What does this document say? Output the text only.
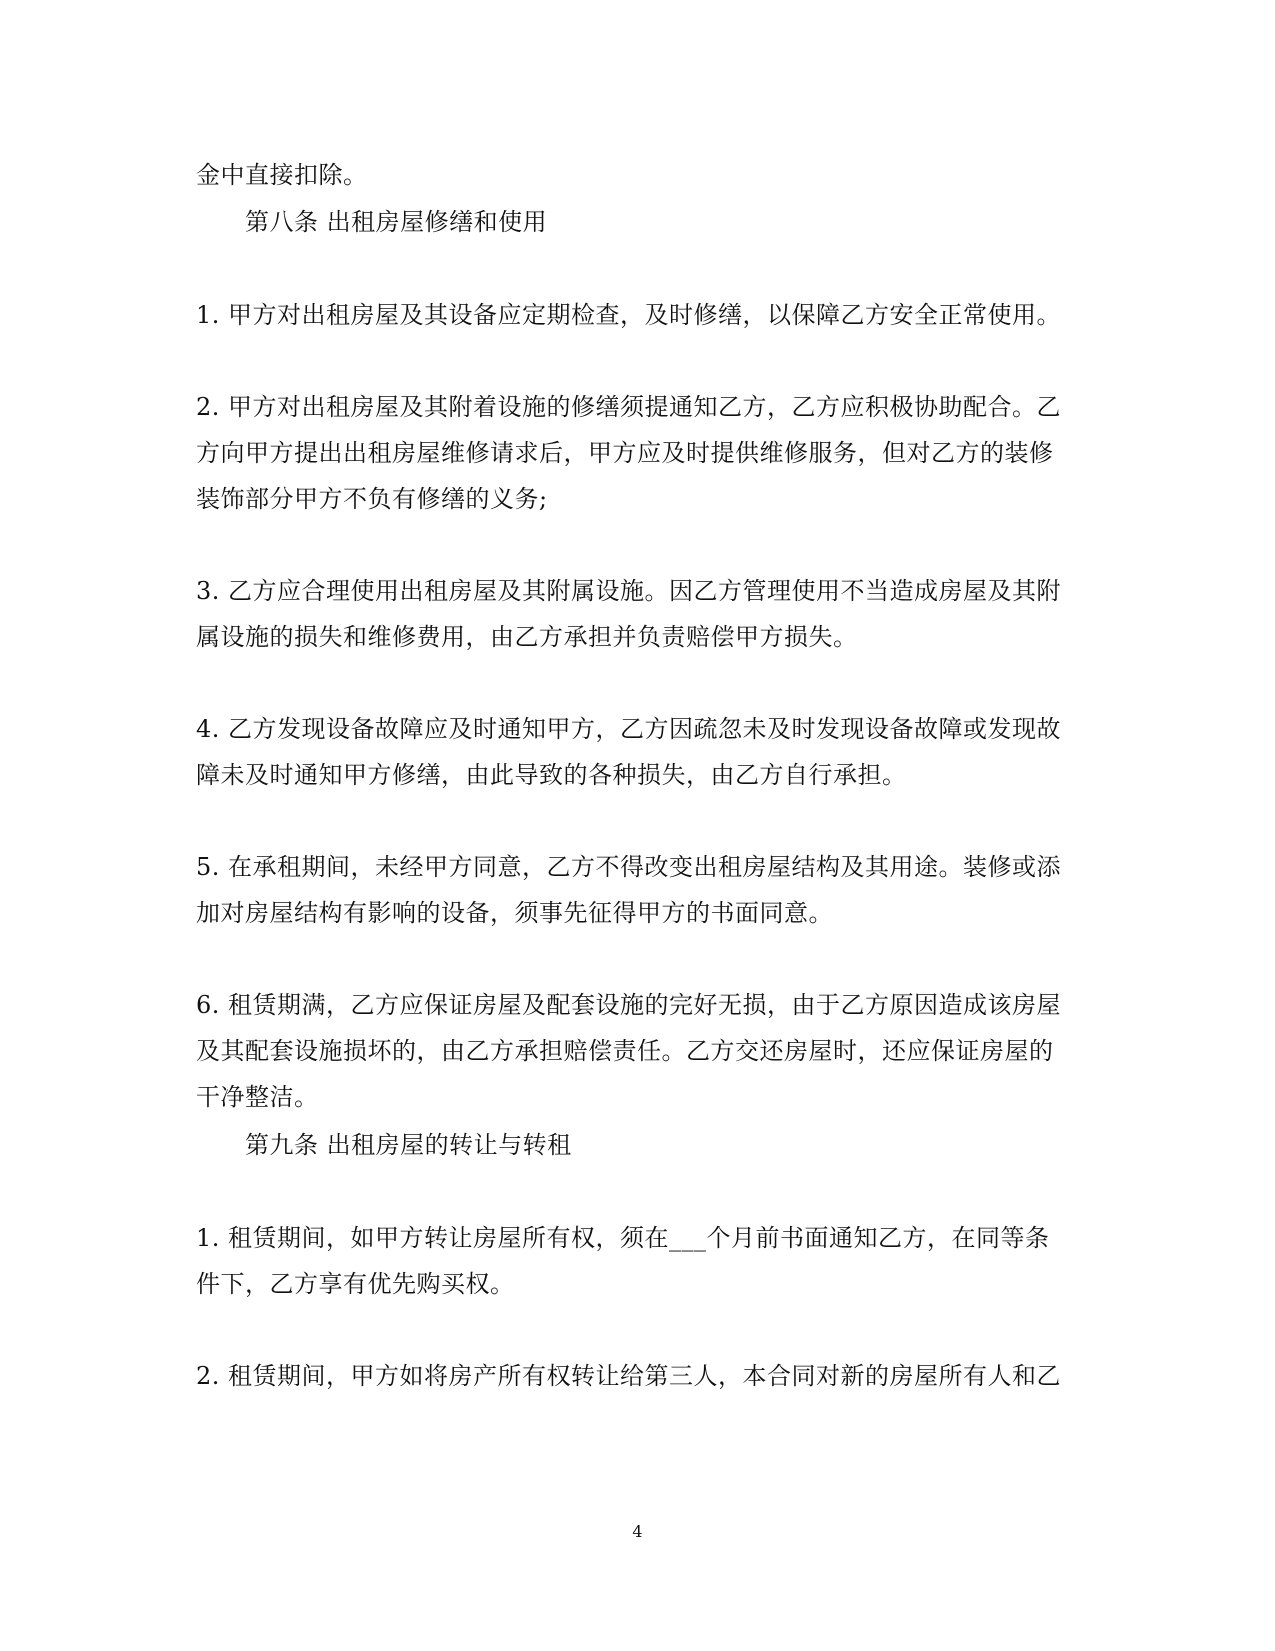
金中直接扣除。
第八条 出租房屋修缮和使用
1. 甲方对出租房屋及其设备应定期检查，及时修缮，以保障乙方安全正常使用。
2. 甲方对出租房屋及其附着设施的修缮须提通知乙方，乙方应积极协助配合。乙
方向甲方提出出租房屋维修请求后，甲方应及时提供维修服务，但对乙方的装修
装饰部分甲方不负有修缮的义务;
3. 乙方应合理使用出租房屋及其附属设施。因乙方管理使用不当造成房屋及其附
属设施的损失和维修费用，由乙方承担并负责赔偿甲方损失。
4. 乙方发现设备故障应及时通知甲方，乙方因疏忽未及时发现设备故障或发现故
障未及时通知甲方修缮，由此导致的各种损失，由乙方自行承担。
5. 在承租期间，未经甲方同意，乙方不得改变出租房屋结构及其用途。装修或添
加对房屋结构有影响的设备，须事先征得甲方的书面同意。
6. 租赁期满，乙方应保证房屋及配套设施的完好无损，由于乙方原因造成该房屋
及其配套设施损坏的，由乙方承担赔偿责任。乙方交还房屋时，还应保证房屋的
干净整洁。
第九条 出租房屋的转让与转租
1. 租赁期间，如甲方转让房屋所有权，须在___个月前书面通知乙方，在同等条
件下，乙方享有优先购买权。
2. 租赁期间，甲方如将房产所有权转让给第三人，本合同对新的房屋所有人和乙
4
